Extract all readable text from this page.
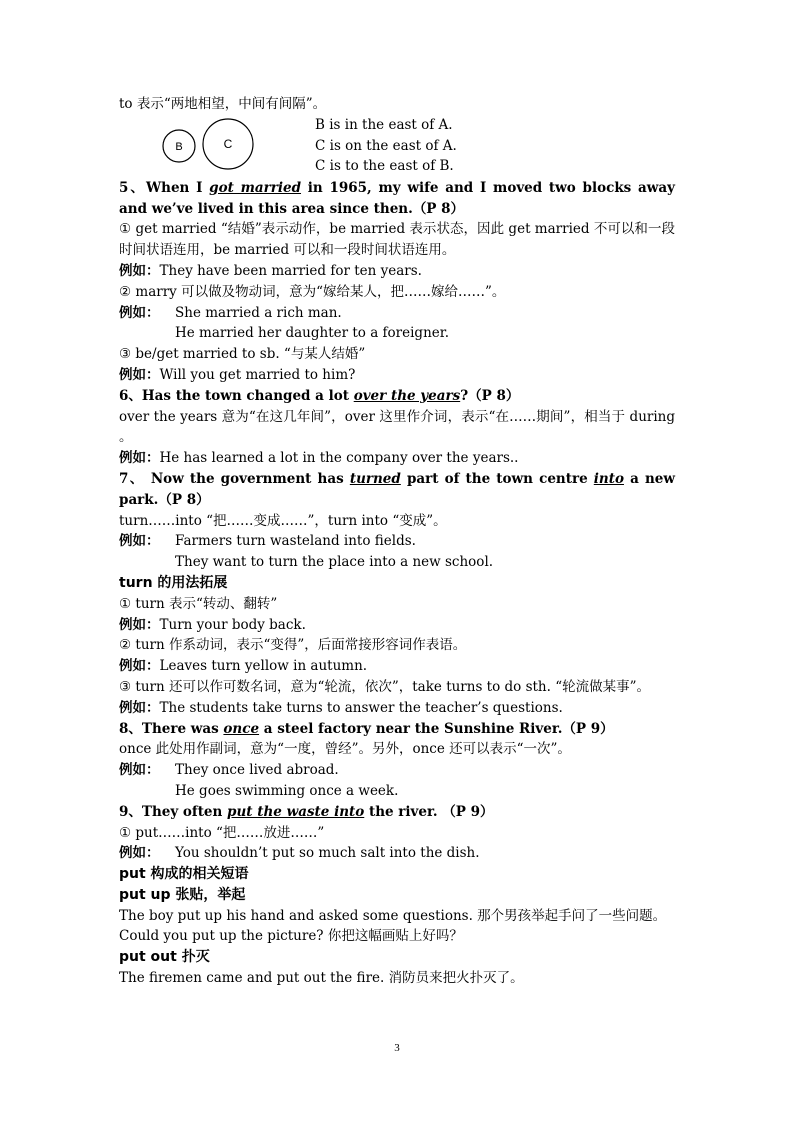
to 表示“两地相望，中间有间隔”。
B	C
B is in the east of A.
C is on the east of A.
C is to the east of B.
5、When I got married in 1965, my wife and I moved two blocks away and we’ve lived in this area since then.（P 8）
① get married “结婚”表示动作，be married 表示状态，因此 get married 不可以和一段时间状语连用，be married 可以和一段时间状语连用。
例如：They have been married for ten years.
② marry 可以做及物动词，意为“嫁给某人，把……嫁给……”。
例如： She married a rich man.
He married her daughter to a foreigner.
③ be/get married to sb. “与某人结婚”
例如：Will you get married to him?
6、Has the town changed a lot over the years?（P 8）
over the years 意为“在这几年间”，over 这里作介词，表示“在……期间”，相当于 during 。
例如：He has learned a lot in the company over the years..
7、 Now the government has turned part of the town centre into a new park.（P 8）
turn……into “把……变成……”，turn into “变成”。
例如： Farmers turn wasteland into fields.
They want to turn the place into a new school.
turn 的用法拓展
① turn 表示“转动、翻转”
例如：Turn your body back.
② turn 作系动词，表示“变得”，后面常接形容词作表语。
例如：Leaves turn yellow in autumn.
③ turn 还可以作可数名词，意为“轮流，依次”，take turns to do sth. “轮流做某事”。
例如：The students take turns to answer the teacher’s questions.
8、There was once a steel factory near the Sunshine River.（P 9）
once 此处用作副词，意为“一度，曾经”。另外，once 还可以表示“一次”。
例如： They once lived abroad.
He goes swimming once a week.
9、They often put the waste into the river. （P 9）
① put……into “把……放进……”
例如： You shouldn’t put so much salt into the dish.
put 构成的相关短语
put up 张贴，举起
The boy put up his hand and asked some questions. 那个男孩举起手问了一些问题。
Could you put up the picture? 你把这幅画贴上好吗？
put out 扑灭
The firemen came and put out the fire. 消防员来把火扑灭了。
3
